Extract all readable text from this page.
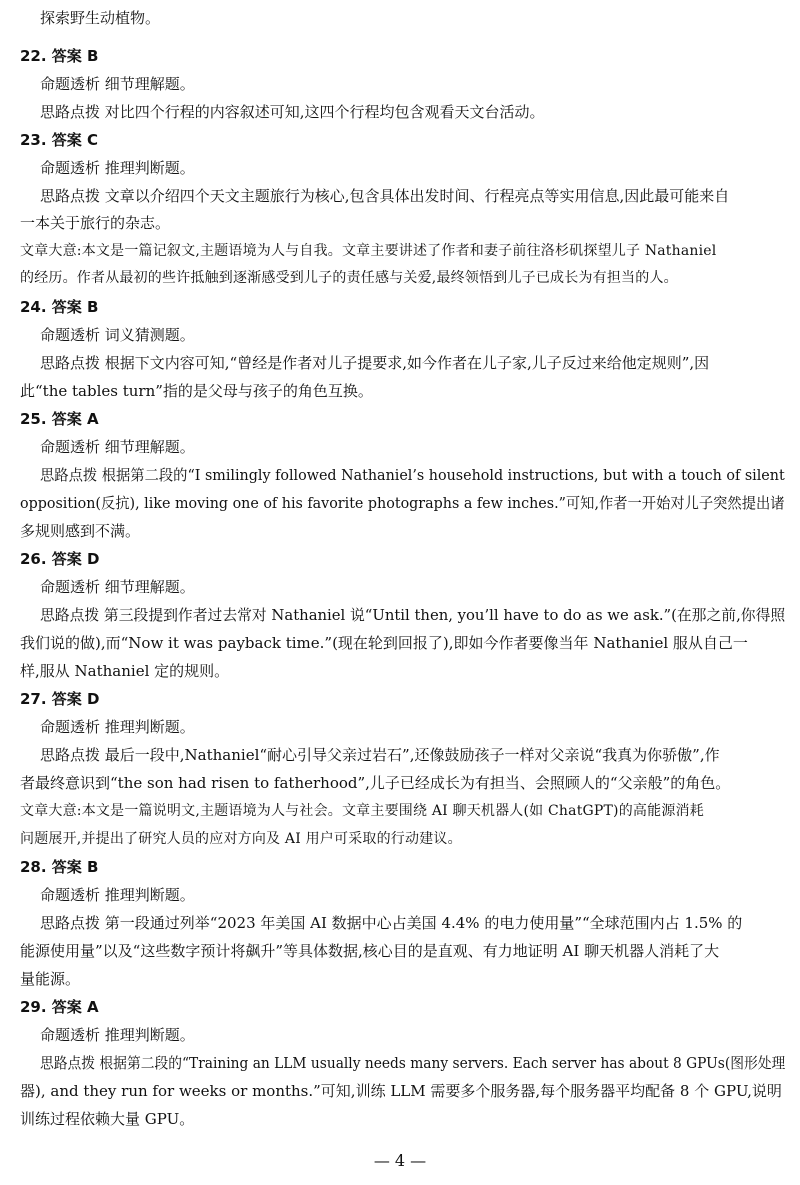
探索野生动植物。
22. 答案 B
命题透析 细节理解题。
思路点拨 对比四个行程的内容叙述可知,这四个行程均包含观看天文台活动。
23. 答案 C
命题透析 推理判断题。
思路点拨 文章以介绍四个天文主题旅行为核心,包含具体出发时间、行程亮点等实用信息,因此最可能来自
一本关于旅行的杂志。
文章大意:本文是一篇记叙文,主题语境为人与自我。文章主要讲述了作者和妻子前往洛杉矶探望儿子 Nathaniel
的经历。作者从最初的些许抵触到逐渐感受到儿子的责任感与关爱,最终领悟到儿子已成长为有担当的人。
24. 答案 B
命题透析 词义猜测题。
思路点拨 根据下文内容可知,“曾经是作者对儿子提要求,如今作者在儿子家,儿子反过来给他定规则”,因
此“the tables turn”指的是父母与孩子的角色互换。
25. 答案 A
命题透析 细节理解题。
思路点拨 根据第二段的“I smilingly followed Nathaniel’s household instructions, but with a touch of silent
opposition(反抗), like moving one of his favorite photographs a few inches.”可知,作者一开始对儿子突然提出诸
多规则感到不满。
26. 答案 D
命题透析 细节理解题。
思路点拨 第三段提到作者过去常对 Nathaniel 说“Until then, you’ll have to do as we ask.”(在那之前,你得照
我们说的做),而“Now it was payback time.”(现在轮到回报了),即如今作者要像当年 Nathaniel 服从自己一
样,服从 Nathaniel 定的规则。
27. 答案 D
命题透析 推理判断题。
思路点拨 最后一段中,Nathaniel“耐心引导父亲过岩石”,还像鼓励孩子一样对父亲说“我真为你骄傲”,作
者最终意识到“the son had risen to fatherhood”,儿子已经成长为有担当、会照顾人的“父亲般”的角色。
文章大意:本文是一篇说明文,主题语境为人与社会。文章主要围绕 AI 聊天机器人(如 ChatGPT)的高能源消耗
问题展开,并提出了研究人员的应对方向及 AI 用户可采取的行动建议。
28. 答案 B
命题透析 推理判断题。
思路点拨 第一段通过列举“2023 年美国 AI 数据中心占美国 4.4% 的电力使用量”“全球范围内占 1.5% 的
能源使用量”以及“这些数字预计将飙升”等具体数据,核心目的是直观、有力地证明 AI 聊天机器人消耗了大
量能源。
29. 答案 A
命题透析 推理判断题。
思路点拨 根据第二段的“Training an LLM usually needs many servers. Each server has about 8 GPUs(图形处理
器), and they run for weeks or months.”可知,训练 LLM 需要多个服务器,每个服务器平均配备 8 个 GPU,说明
训练过程依赖大量 GPU。
— 4 —
